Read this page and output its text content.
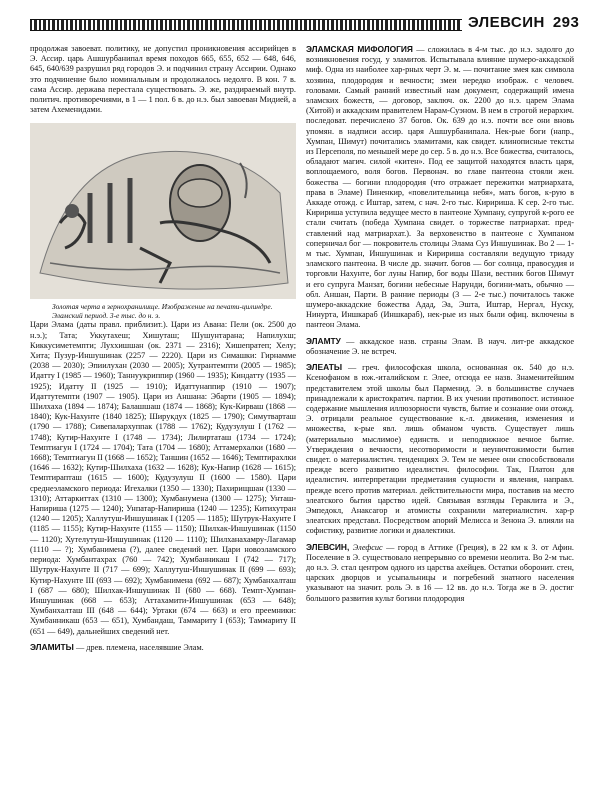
ЭЛЕВСИН 293

продолжая завоеват. политику, не допустил проникновения ассирийцев в Э. Ассир. царь Ашшурбанипал время походов 665, 655, 652 — 648, 646, 645, 640/639 разрушил ряд городов Э. и подчинил страну Ассирии. Однако это подчинение было номинальным и продолжалось недолго. В кон. 7 в. сама Ассир. держава перестала существовать. Э. же, раздираемый внутр. политич. противоречиями, в 1 — 1 пол. 6 в. до н.э. был завоеван Мидией, а затем Ахеменидами.

Золотая черта в зернохранилище. Изображение на печати-цилиндре. Эламский период. 3-е тыс. до н. э.

Цари Элама (даты правл. приблизит.). Цари из Авана: Пели (ок. 2500 до н.э.); Тата; Уккутахеш; Хишуташ; Шушунтарана; Напилухш; Киккусиметемпти; Луххишшан (ок. 2371 — 2316); Хишепратеп; Хелу; Хита; Пузур-Иншушинак (2257 — 2220). Цари из Симашки: Гирнамме (2038 — 2030); Эпиилухан (2030 — 2005); Хутрантемпти (2005 — 1985); Идатту I (1985 — 1960); Таннуукриппир (1960 — 1935); Киндатту (1935 — 1925); Идатту II (1925 — 1910); Идаттунаппир (1910 — 1907); Идаттутемпти (1907 — 1905). Цари из Аншана: Эбарти (1905 — 1894); Шилхаха (1894 — 1874); Балашшаш (1874 — 1868); Кук-Кирваш (1868 — 1840); Кук-Нахунте (1840 1825); Ширукдух (1825 — 1790); Симутварташ (1790 — 1788); Сивепалархуппак (1788 — 1762); Кудузулуш I (1762 — 1748); Кутир-Нахунте I (1748 — 1734); Лилиртаташ (1734 — 1724); Темптиагун I (1724 — 1704); Тата (1704 — 1680); Аттамерхалки (1680 — 1668); Темптиагун II (1668 — 1652); Таншин (1652 — 1646); Темптирахлки (1646 — 1632); Кутир-Шилхаха (1632 — 1628); Кук-Напир (1628 — 1615); Темптирапташ (1615 — 1600); Кудузулуш II (1600 — 1580). Цари среднеэламского периода: Игехалки (1350 — 1330); Пахирищшан (1330 — 1310); Аттаркиттах (1310 — 1300); Хумбанумена (1300 — 1275); Унташ-Напириша (1275 — 1240); Унпатар-Напириша (1240 — 1235); Китихутран (1240 — 1205); Халлутуш-Иншушинак I (1205 — 1185); Шутрук-Нахунте I (1185 — 1155); Кутир-Нахунте (1155 — 1150); Шилхак-Иншушинак (1150 — 1120); Хутелутуш-Иншушинак (1120 — 1110); Шилханахамру-Лагамар (1110 — ?); Хумбанимена (?), далее сведений нет. Цари новоэламского периода: Хумбантахрах (760 — 742); Хумбанникаш I (742 — 717); Шутрук-Нахунте II (717 — 699); Халлутуш-Иншушинак II (699 — 693); Кутир-Нахунте III (693 — 692); Хумбанимена (692 — 687); Хумбанхалташ I (687 — 680); Шилхак-Иншушинак II (680 — 668). Темпт-Хумпан-Иншушинак (668 — 653); Аттахамити-Иншушинак (653 — 648); Хумбанхалташ III (648 — 644); Уртаки (674 — 663) и его преемники: Хумбанникаш (653 — 651), Хумбандаш, Таммариту I (653); Таммариту II (651 — 649), дальнейших сведений нет.

ЭЛАМИТЫ — древ. племена, населявшие Элам.

ЭЛАМСКАЯ МИФОЛОГИЯ — сложилась в 4-м тыс. до н.э. задолго до возникновения госуд. у эламитов. Испытывала влияние шумеро-аккадской миф. Одна из наиболее хар-рных черт Э. м. — почитание змея как символа хозяина, плодородия и вечности; змеи нередко изображ. с человеч. головами. Самый ранний известный нам документ, содержащий имена эламских божеств, — договор, заключ. ок. 2200 до н.э. царем Элама (Хитой) и аккадским правителем Нарам-Суэном. В нем в строгой иерархич. последоват. перечислено 37 богов. Ок. 639 до н.э. почти все они вновь упомян. в надписи ассир. царя Ашшурбанипала. Нек-рые боги (напр., Хумпан, Шимут) почитались эламитами, как свидет. клинописные тексты из Персеполя, по меньшей мере до сер. 5 в. до н.э. Все божества, считалось, обладают магич. силой «китен». Под ее защитой находятся власть царя, воплощаемого, воля богов. Первонач. во главе пантеона стояли жен. божества — богини плодородия (что отражает пережитки матриархата, права в Эламе) Пиненкир, «повелительница небя», мать богов, к-рую в Аккаде отожд. с Иштар, затем, с нач. 2-го тыс. Киририша. К сер. 2-го тыс. Киририша уступила ведущее место в пантеоне Хумпану, супругой к-рого ее стали считать (победа Хумпана свидет. о торжестве патриархат. представлений над матриархат.). За верховенство в пантеоне с Хумпаном соперничал бог — покровитель столицы Элама Суз Иншушинак. Во 2 — 1-м тыс. Хумпан, Иншушинак и Киририша составляли ведущую триаду эламского пантеона. В числе др. значит. богов — бог солнца, правосудия и торговли Нахунте, бог луны Напир, бог воды Шази, вестник богов Шимут и его супруга Манзат, богини небесные Нарунди, богини-мать, обычно — обл. Аншан, Парти. В ранние периоды (3 — 2-е тыс.) почиталось также шумеро-аккадские божества Адад, Эа, Эшта, Иштар, Нергал, Нуску, Нинурта, Иншкараб (Иншкараб), нек-рые из ных были офиц. включены в пантеон Элама.

ЭЛАМТУ — аккадское назв. страны Элам. В науч. лит-ре аккадское обозначение Э. не встреч.

ЭЛЕАТЫ — греч. философская школа, основанная ок. 540 до н.э. Ксенофаном в юж.-италийском г. Элее, отсюда ее назв. Знаменитейшим представителем этой школы был Парменид. Э. в большинстве случаев принадлежали к аристократич. партии. В их учении противопост. истинное содержание мышления иллюзорности чувств, бытие и сознание они отожд. Э. отрицали реальное существование к.-л. движения, изменения и множества, к-рые явл. лишь обманом чувств. Существует лишь (материально мыслимое) единств. и неподвижное вечное бытие. Утверждения о вечности, несотворимости и неуничтожимости бытия свидет. о материалистич. тенденциях Э. Тем не менее они способствовали прежде всего развитию идеалистич. философии. Так, Платон для идеалистич. интерпретации предметания сущности и явления, направл. прежде всего против материал. действительности мира, поставив на место элеатского бытия царство идей. Связывая взгляды Гераклита и Э., Эмпедокл, Анаксагор и атомисты сохранили материалистич. хар-р элеатских представл. Посредством апорий Мелисса и Зенона Э. влияли на софистику, развитие логики и диалектики.

ЭЛЕВСИН, Элефсис — город в Аттике (Греция), в 22 км к З. от Афин. Поселение в Э. существовало непрерывно со времени неолита. Во 2-м тыс. до н.э. Э. стал центром одного из царства ахейцев. Остатки оборонит. стен, царских дворцов и усыпальницы и погребений знатного населения указывают на значит. роль Э. в 16 — 12 вв. до н.э. Тогда же в Э. достиг большого развития культ богини плодородия
